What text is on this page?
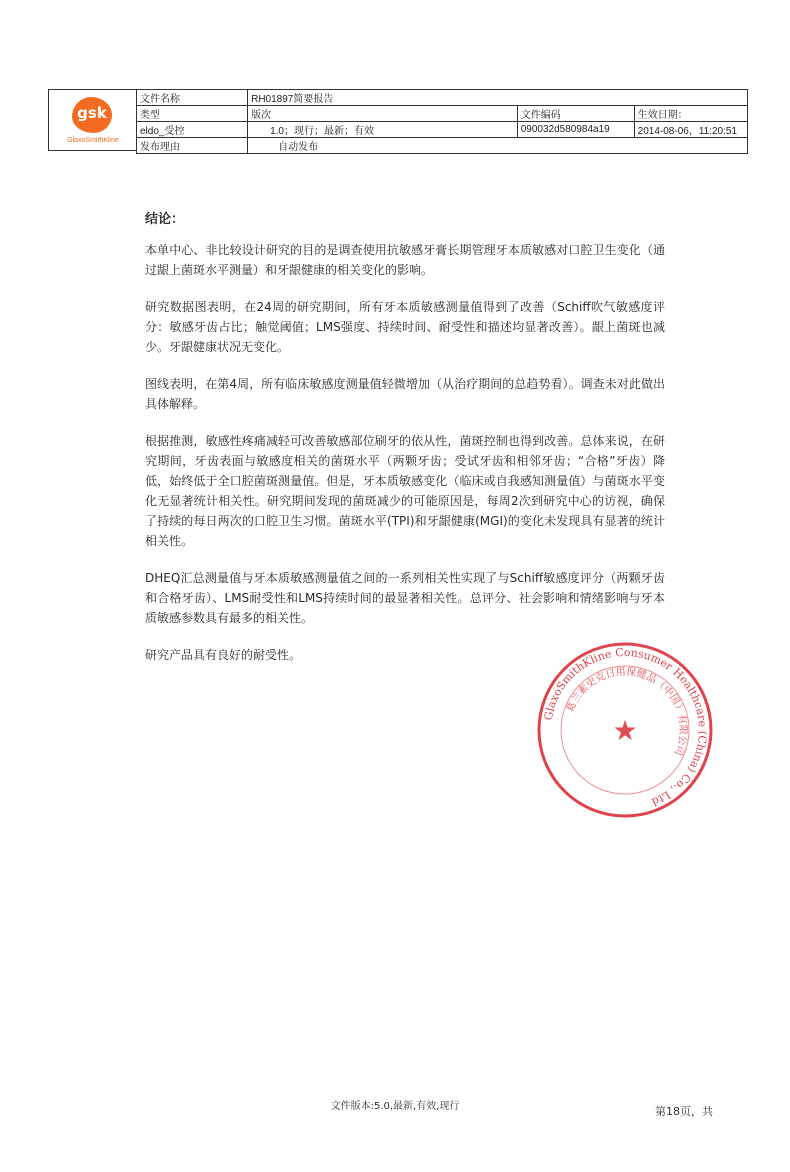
gsk
GlaxoSmithKline
文件名称	RH01897简要报告		
类型	版次	文件编码	生效日期：
eldo_受控	1.0；现行；最新；有效	090032d580984a19	2014-08-06，11:20:51
发布理由	自动发布		
结论：

本单中心、非比较设计研究的目的是调查使用抗敏感牙膏长期管理牙本质敏感对口腔卫生变化（通过龈上菌斑水平测量）和牙龈健康的相关变化的影响。

研究数据图表明，在24周的研究期间，所有牙本质敏感测量值得到了改善（Schiff吹气敏感度评分：敏感牙齿占比；触觉阈值；LMS强度、持续时间、耐受性和描述均显著改善）。龈上菌斑也减少。牙龈健康状况无变化。

图线表明，在第4周，所有临床敏感度测量值轻微增加（从治疗期间的总趋势看）。调查未对此做出具体解释。

根据推测，敏感性疼痛减轻可改善敏感部位刷牙的依从性，菌斑控制也得到改善。总体来说，在研究期间，牙齿表面与敏感度相关的菌斑水平（两颗牙齿；受试牙齿和相邻牙齿；“合格”牙齿）降低，始终低于全口腔菌斑测量值。但是，牙本质敏感变化（临床或自我感知测量值）与菌斑水平变化无显著统计相关性。研究期间发现的菌斑减少的可能原因是，每周2次到研究中心的访视，确保了持续的每日两次的口腔卫生习惯。菌斑水平(TPI)和牙龈健康(MGI)的变化未发现具有显著的统计相关性。

DHEQ汇总测量值与牙本质敏感测量值之间的一系列相关性实现了与Schiff敏感度评分（两颗牙齿和合格牙齿）、LMS耐受性和LMS持续时间的最显著相关性。总评分、社会影响和情绪影响与牙本质敏感参数具有最多的相关性。

研究产品具有良好的耐受性。

GlaxoSmithKline Consumer Healthcare (China) Co., Ltd
葛兰素史克日用保健品（中国）有限公司
★
文件版本:5.0,最新,有效,现行	第18页，共
